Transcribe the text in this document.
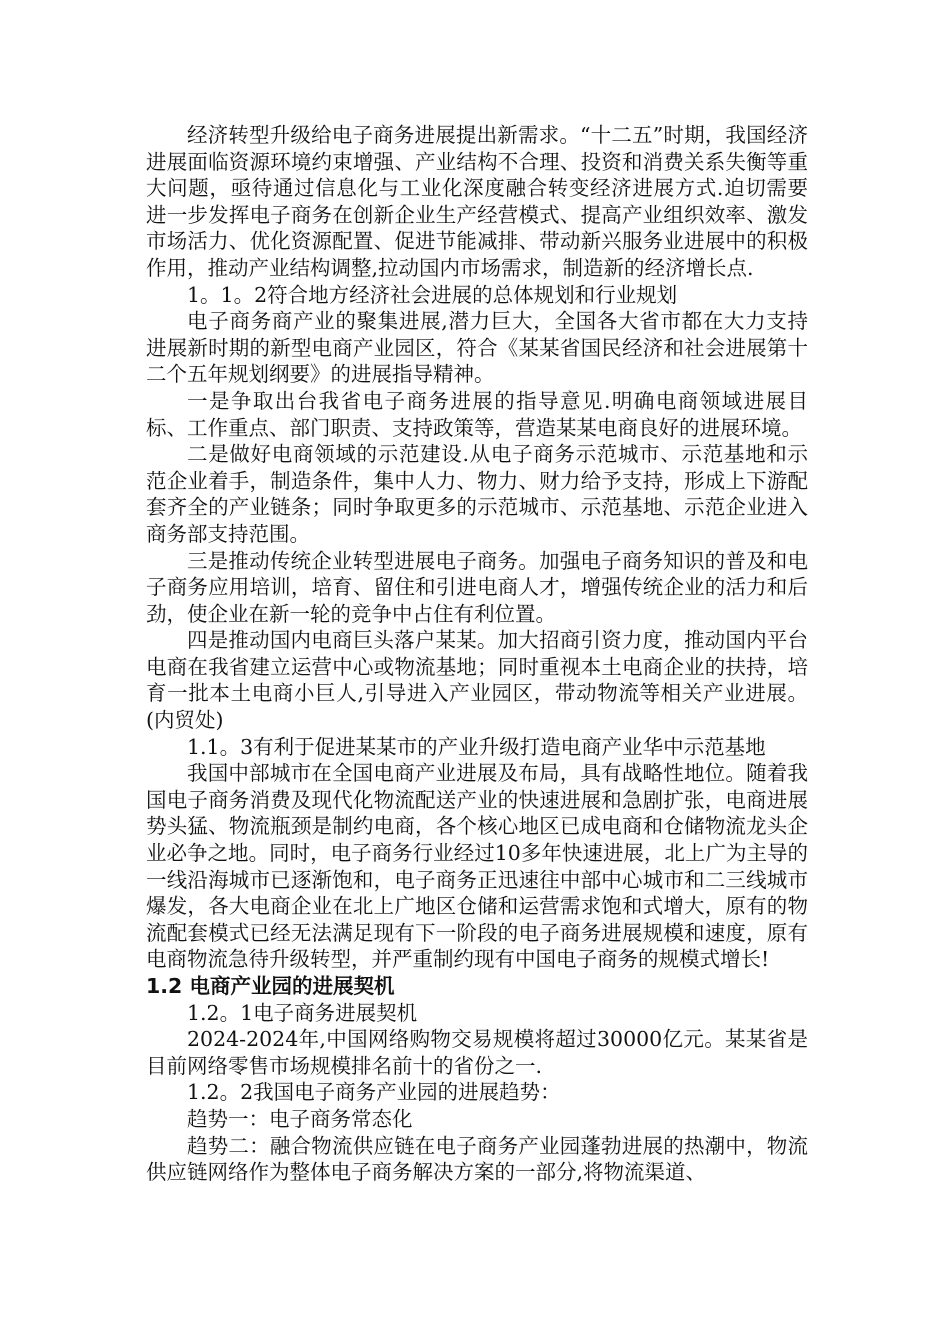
经济转型升级给电子商务进展提出新需求。“十二五”时期，我国经济进展面临资源环境约束增强、产业结构不合理、投资和消费关系失衡等重大问题，亟待通过信息化与工业化深度融合转变经济进展方式.迫切需要进一步发挥电子商务在创新企业生产经营模式、提高产业组织效率、激发市场活力、优化资源配置、促进节能减排、带动新兴服务业进展中的积极作用，推动产业结构调整,拉动国内市场需求，制造新的经济增长点.

1。1。2符合地方经济社会进展的总体规划和行业规划

电子商务商产业的聚集进展,潜力巨大，全国各大省市都在大力支持进展新时期的新型电商产业园区，符合《某某省国民经济和社会进展第十二个五年规划纲要》的进展指导精神。

一是争取出台我省电子商务进展的指导意见.明确电商领域进展目标、工作重点、部门职责、支持政策等，营造某某电商良好的进展环境。

二是做好电商领域的示范建设.从电子商务示范城市、示范基地和示范企业着手，制造条件，集中人力、物力、财力给予支持，形成上下游配套齐全的产业链条；同时争取更多的示范城市、示范基地、示范企业进入商务部支持范围。

三是推动传统企业转型进展电子商务。加强电子商务知识的普及和电子商务应用培训，培育、留住和引进电商人才，增强传统企业的活力和后劲，使企业在新一轮的竞争中占住有利位置。

四是推动国内电商巨头落户某某。加大招商引资力度，推动国内平台电商在我省建立运营中心或物流基地；同时重视本土电商企业的扶持，培育一批本土电商小巨人,引导进入产业园区，带动物流等相关产业进展。(内贸处)

1.1。3有利于促进某某市的产业升级打造电商产业华中示范基地

我国中部城市在全国电商产业进展及布局，具有战略性地位。随着我国电子商务消费及现代化物流配送产业的快速进展和急剧扩张，电商进展势头猛、物流瓶颈是制约电商，各个核心地区已成电商和仓储物流龙头企业必争之地。同时，电子商务行业经过10多年快速进展，北上广为主导的一线沿海城市已逐渐饱和，电子商务正迅速往中部中心城市和二三线城市爆发，各大电商企业在北上广地区仓储和运营需求饱和式增大，原有的物流配套模式已经无法满足现有下一阶段的电子商务进展规模和速度，原有电商物流急待升级转型，并严重制约现有中国电子商务的规模式增长!

1.2 电商产业园的进展契机

1.2。1电子商务进展契机

2024-2024年,中国网络购物交易规模将超过30000亿元。某某省是目前网络零售市场规模排名前十的省份之一.

1.2。2我国电子商务产业园的进展趋势：

趋势一：电子商务常态化

趋势二：融合物流供应链在电子商务产业园蓬勃进展的热潮中，物流供应链网络作为整体电子商务解决方案的一部分,将物流渠道、
